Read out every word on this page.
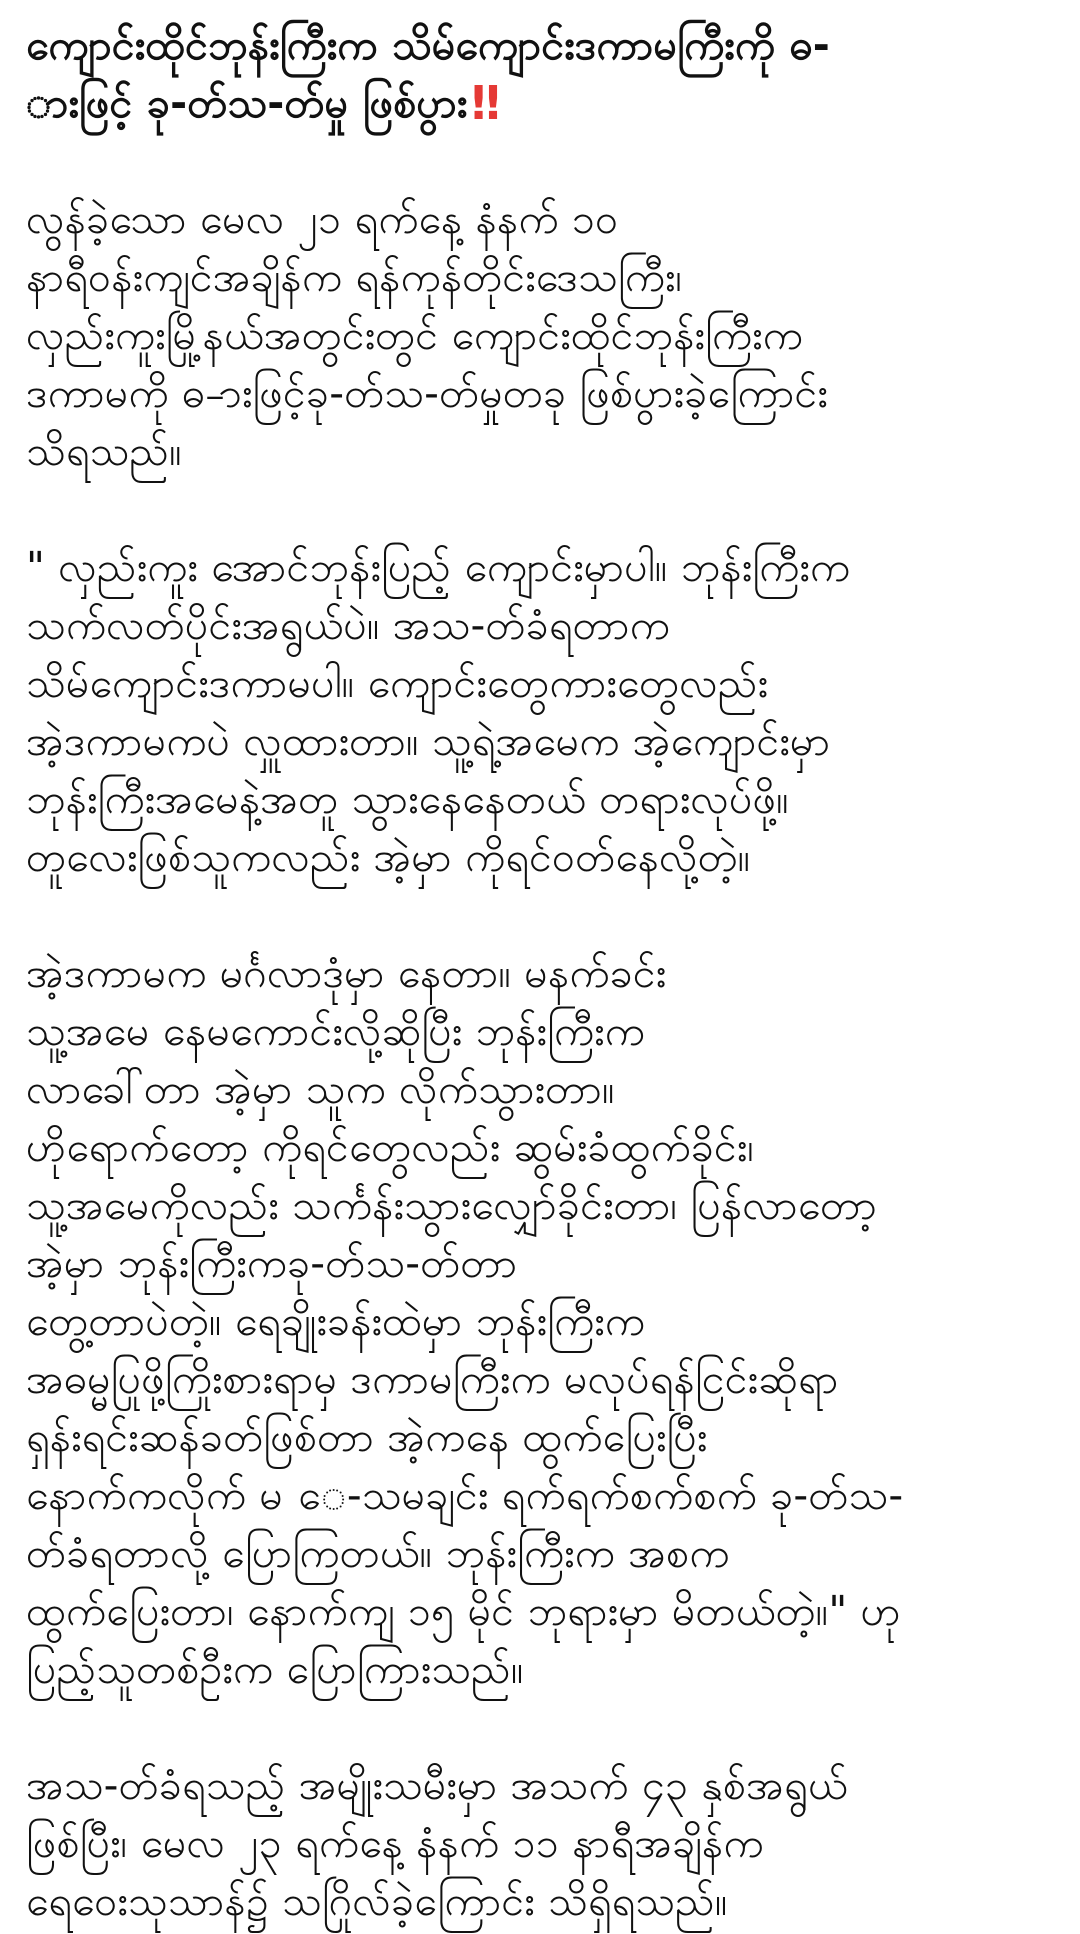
ကျောင်းထိုင်ဘုန်းကြီးက သိမ်ကျောင်းဒကာမကြီးကို ဓ-
ားဖြင့် ခု-တ်သ-တ်မှု ဖြစ်ပွား‼

လွန်ခဲ့သော မေလ ၂၁ ရက်နေ့ နံနက် ၁၀
နာရီဝန်းကျင်အချိန်က ရန်ကုန်တိုင်းဒေသကြီး၊
လှည်းကူးမြို့နယ်အတွင်းတွင် ကျောင်းထိုင်ဘုန်းကြီးက
ဒကာမကို ဓ-ားဖြင့်ခု-တ်သ-တ်မှုတခု ဖြစ်ပွားခဲ့ကြောင်း
သိရသည်။

" လှည်းကူး အောင်ဘုန်းပြည့် ကျောင်းမှာပါ။ ဘုန်းကြီးက
သက်လတ်ပိုင်းအရွယ်ပဲ။ အသ-တ်ခံရတာက
သိမ်ကျောင်းဒကာမပါ။ ကျောင်းတွေကားတွေလည်း
အဲ့ဒကာမကပဲ လှူထားတာ။ သူ့ရဲ့အမေက အဲ့ကျောင်းမှာ
ဘုန်းကြီးအမေနဲ့အတူ သွားနေနေတယ် တရားလုပ်ဖို့။
တူလေးဖြစ်သူကလည်း အဲ့မှာ ကိုရင်ဝတ်နေလို့တဲ့။

အဲ့ဒကာမက မင်္ဂလာဒုံမှာ နေတာ။ မနက်ခင်း
သူ့အမေ နေမကောင်းလို့ဆိုပြီး ဘုန်းကြီးက
လာခေါ်တာ အဲ့မှာ သူက လိုက်သွားတာ။
ဟိုရောက်တော့ ကိုရင်တွေလည်း ဆွမ်းခံထွက်ခိုင်း၊
သူ့အမေကိုလည်း သင်္ကန်းသွားလျှော်ခိုင်းတာ၊ ပြန်လာတော့
အဲ့မှာ ဘုန်းကြီးကခု-တ်သ-တ်တာ
တွေ့တာပဲတဲ့။ ရေချိုးခန်းထဲမှာ ဘုန်းကြီးက
အဓမ္မပြုဖို့ကြိုးစားရာမှ ဒကာမကြီးက မလုပ်ရန်ငြင်းဆိုရာ
ရှန်းရင်းဆန်ခတ်ဖြစ်တာ အဲ့ကနေ ထွက်ပြေးပြီး
နောက်ကလိုက် မ ေ-သမချင်း ရက်ရက်စက်စက် ခု-တ်သ-
တ်ခံရတာလို့ ပြောကြတယ်။ ဘုန်းကြီးက အစက
ထွက်ပြေးတာ၊ နောက်ကျ ၁၅ မိုင် ဘုရားမှာ မိတယ်တဲ့။" ဟု
ပြည့်သူတစ်ဦးက ပြောကြားသည်။

အသ-တ်ခံရသည့် အမျိုးသမီးမှာ အသက် ၄၃ နှစ်အရွယ်
ဖြစ်ပြီး၊ မေလ ၂၃ ရက်နေ့ နံနက် ၁၁ နာရီအချိန်က
ရေဝေးသုသာန်၌ သဂြိုလ်ခဲ့ကြောင်း သိရှိရသည်။
